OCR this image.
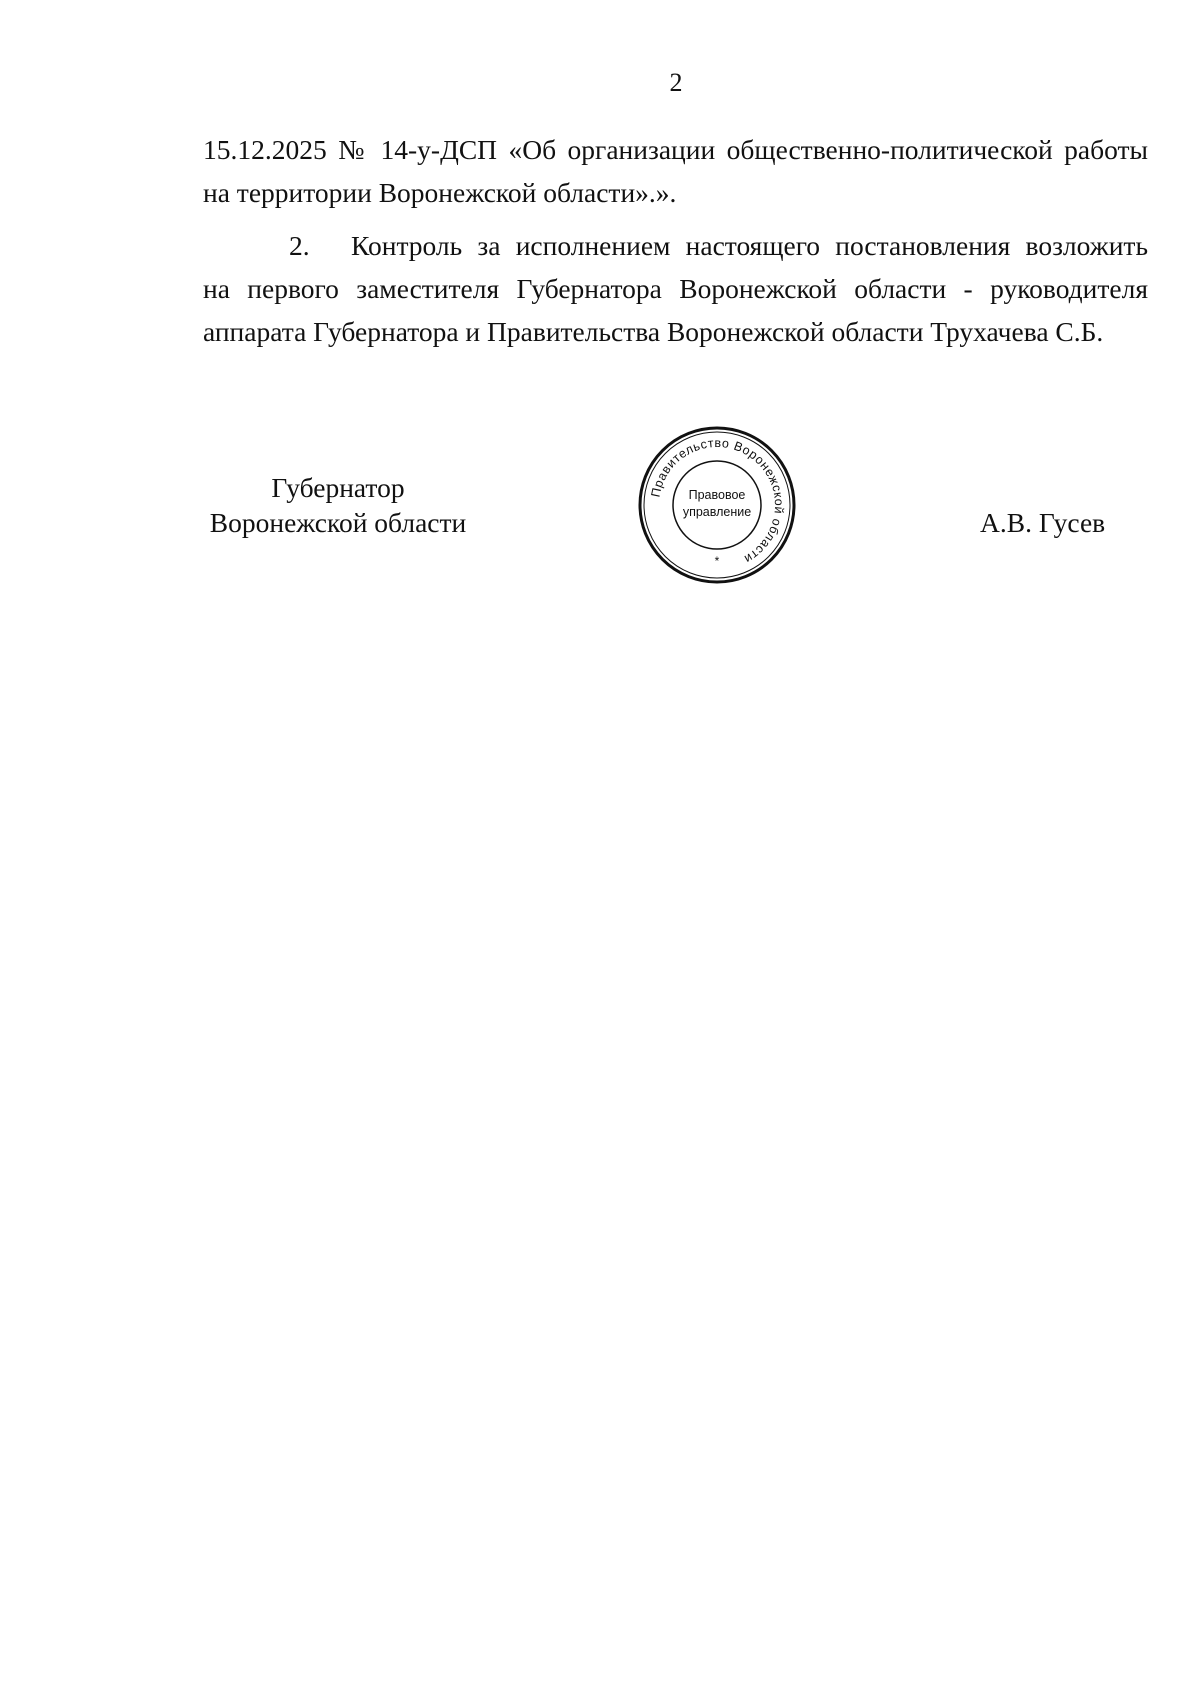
2
15.12.2025 № 14-у-ДСП «Об организации общественно-политической работы
на территории Воронежской области».».
2. Контроль за исполнением настоящего постановления возложить
на первого заместителя Губернатора Воронежской области - руководителя
аппарата Губернатора и Правительства Воронежской области Трухачева С.Б.
Губернатор
Воронежской области
Правительство Воронежской области
Правовое
управление
*
А.В. Гусев
